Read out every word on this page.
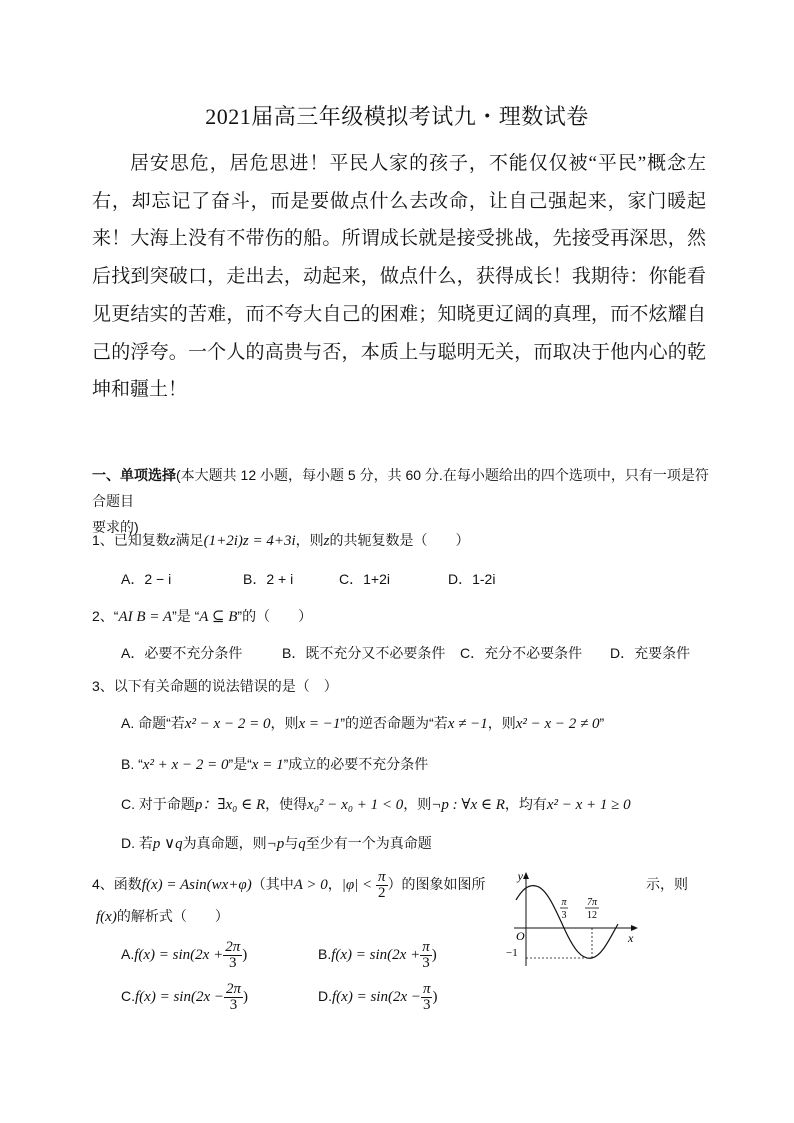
2021届高三年级模拟考试九・理数试卷

居安思危，居危思进！平民人家的孩子，不能仅仅被“平民”概念左右，却忘记了奋斗，而是要做点什么去改命，让自己强起来，家门暖起来！大海上没有不带伤的船。所谓成长就是接受挑战，先接受再深思，然后找到突破口，走出去，动起来，做点什么，获得成长！我期待：你能看见更结实的苦难，而不夸大自己的困难；知晓更辽阔的真理，而不炫耀自己的浮夸。一个人的高贵与否，本质上与聪明无关，而取决于他内心的乾坤和疆土！

一、单项选择(本大题共 12 小题，每小题 5 分，共 60 分.在每小题给出的四个选项中，只有一项是符合题目
要求的)
1、已知复数z满足(1+2i)z = 4+3i，则z的共轭复数是（　　）
A．2 − i	B．2 + i	C．1+2i	D．1-2i
2、“AI B = A”是 “A ⊆ B”的（　　）
A．必要不充分条件	B．既不充分又不必要条件 C．充分不必要条件 D．充要条件
3、以下有关命题的说法错误的是（　）
A. 命题“若x² − x − 2 = 0，则x = −1”的逆否命题为“若x ≠ −1，则x² − x − 2 ≠ 0”
B. “x² + x − 2 = 0”是“x = 1”成立的必要不充分条件
C. 对于命题p：∃x₀ ∈ R，使得x₀² − x₀ + 1 < 0，则¬p : ∀x ∈ R，均有x² − x + 1 ≥ 0
D. 若p ∨q为真命题，则¬p与q至少有一个为真命题
4、函数f(x) = Asin(wx+φ)（其中A > 0，$|\varphi| < \frac{\pi}{2}$ ）的图象如图所	示，则
f(x)的解析式（　　）
y
x
O
−1
π
3
7π
12
$A.f(x) = \sin(2x + \frac{2\pi}{3}$ )	$B.f(x) = \sin(2x + \frac{\pi}{3}$ )
$C.f(x) = \sin(2x - \frac{2\pi}{3}$ )	$D.f(x) = \sin(2x - \frac{\pi}{3}$ )
